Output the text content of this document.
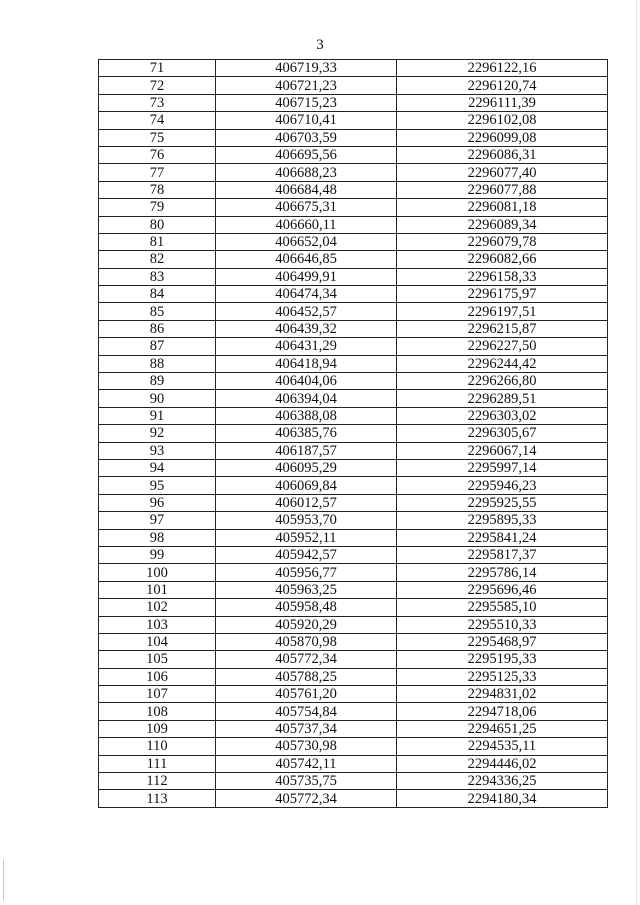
3
71	406719,33	2296122,16
72	406721,23	2296120,74
73	406715,23	2296111,39
74	406710,41	2296102,08
75	406703,59	2296099,08
76	406695,56	2296086,31
77	406688,23	2296077,40
78	406684,48	2296077,88
79	406675,31	2296081,18
80	406660,11	2296089,34
81	406652,04	2296079,78
82	406646,85	2296082,66
83	406499,91	2296158,33
84	406474,34	2296175,97
85	406452,57	2296197,51
86	406439,32	2296215,87
87	406431,29	2296227,50
88	406418,94	2296244,42
89	406404,06	2296266,80
90	406394,04	2296289,51
91	406388,08	2296303,02
92	406385,76	2296305,67
93	406187,57	2296067,14
94	406095,29	2295997,14
95	406069,84	2295946,23
96	406012,57	2295925,55
97	405953,70	2295895,33
98	405952,11	2295841,24
99	405942,57	2295817,37
100	405956,77	2295786,14
101	405963,25	2295696,46
102	405958,48	2295585,10
103	405920,29	2295510,33
104	405870,98	2295468,97
105	405772,34	2295195,33
106	405788,25	2295125,33
107	405761,20	2294831,02
108	405754,84	2294718,06
109	405737,34	2294651,25
110	405730,98	2294535,11
111	405742,11	2294446,02
112	405735,75	2294336,25
113	405772,34	2294180,34
